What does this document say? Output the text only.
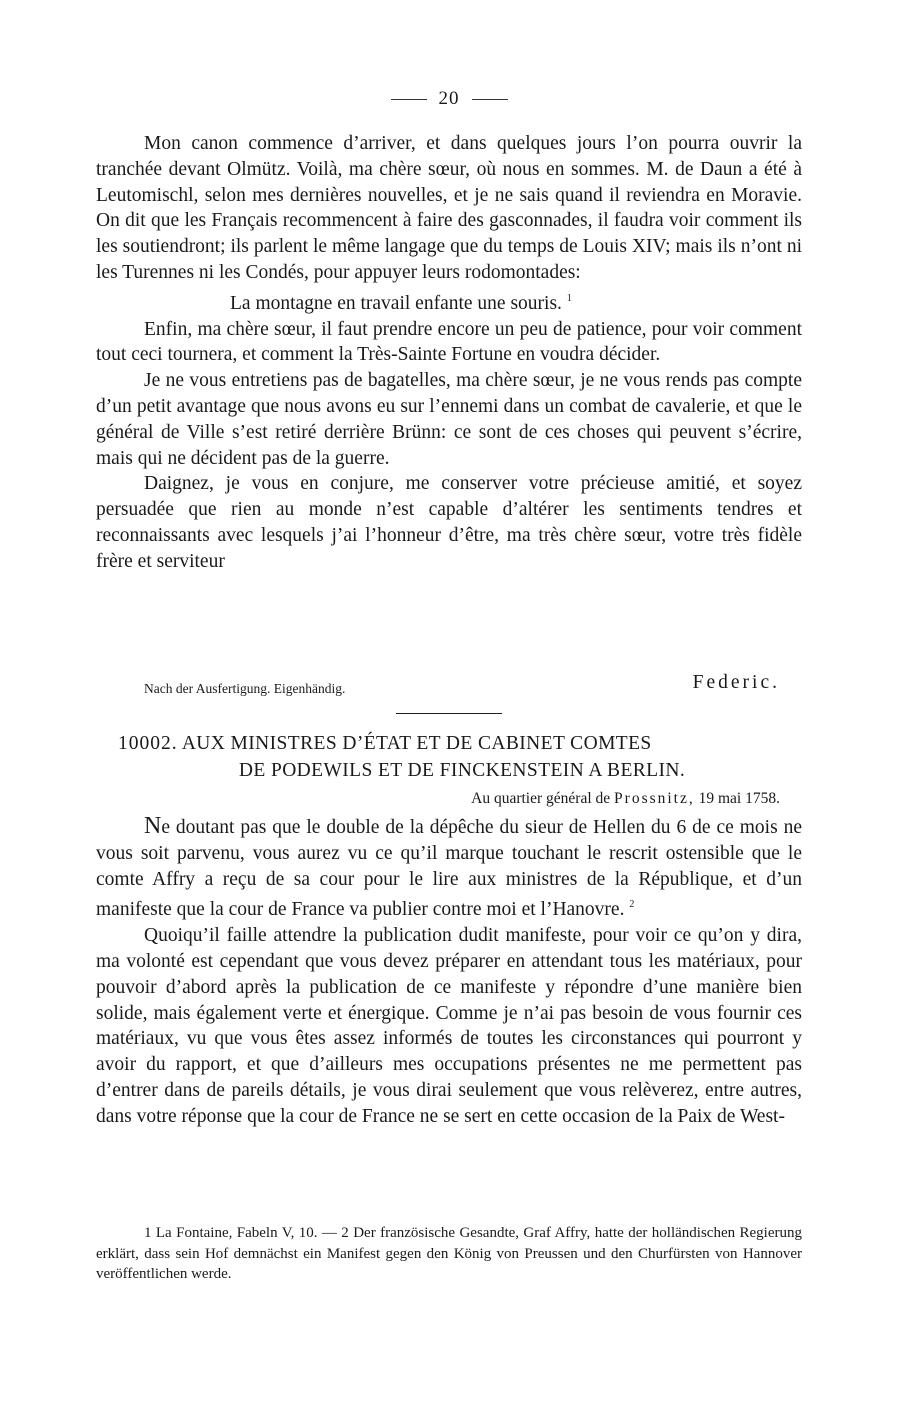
20

Mon canon commence d’arriver, et dans quelques jours l’on pourra ouvrir la tranchée devant Olmütz. Voilà, ma chère sœur, où nous en sommes. M. de Daun a été à Leutomischl, selon mes dernières nouvelles, et je ne sais quand il reviendra en Moravie. On dit que les Français recommencent à faire des gasconnades, il faudra voir comment ils les soutiendront; ils parlent le même langage que du temps de Louis XIV; mais ils n’ont ni les Turennes ni les Condés, pour appuyer leurs rodomontades:

La montagne en travail enfante une souris. $^1$

Enfin, ma chère sœur, il faut prendre encore un peu de patience, pour voir comment tout ceci tournera, et comment la Très-Sainte Fortune en voudra décider.

Je ne vous entretiens pas de bagatelles, ma chère sœur, je ne vous rends pas compte d’un petit avantage que nous avons eu sur l’ennemi dans un combat de cavalerie, et que le général de Ville s’est retiré derrière Brünn: ce sont de ces choses qui peuvent s’écrire, mais qui ne décident pas de la guerre.

Daignez, je vous en conjure, me conserver votre précieuse amitié, et soyez persuadée que rien au monde n’est capable d’altérer les sentiments tendres et reconnaissants avec lesquels j’ai l’honneur d’être, ma très chère sœur, votre très fidèle frère et serviteur

Nach der Ausfertigung. Eigenhändig.	Federic.
10002. AUX MINISTRES D’ÉTAT ET DE CABINET COMTES
DE PODEWILS ET DE FINCKENSTEIN A BERLIN.
Au quartier général de Prossnitz, 19 mai 1758.

Ne doutant pas que le double de la dépêche du sieur de Hellen du 6 de ce mois ne vous soit parvenu, vous aurez vu ce qu’il marque touchant le rescrit ostensible que le comte Affry a reçu de sa cour pour le lire aux ministres de la République, et d’un manifeste que la cour de France va publier contre moi et l’Hanovre. $^2$

Quoiqu’il faille attendre la publication dudit manifeste, pour voir ce qu’on y dira, ma volonté est cependant que vous devez préparer en attendant tous les matériaux, pour pouvoir d’abord après la publication de ce manifeste y répondre d’une manière bien solide, mais également verte et énergique. Comme je n’ai pas besoin de vous fournir ces matériaux, vu que vous êtes assez informés de toutes les circonstances qui pourront y avoir du rapport, et que d’ailleurs mes occupations présentes ne me permettent pas d’entrer dans de pareils détails, je vous dirai seulement que vous relèverez, entre autres, dans votre réponse que la cour de France ne se sert en cette occasion de la Paix de West-

1 La Fontaine, Fabeln V, 10. — 2 Der französische Gesandte, Graf Affry, hatte der holländischen Regierung erklärt, dass sein Hof demnächst ein Manifest gegen den König von Preussen und den Churfürsten von Hannover veröffentlichen werde.
